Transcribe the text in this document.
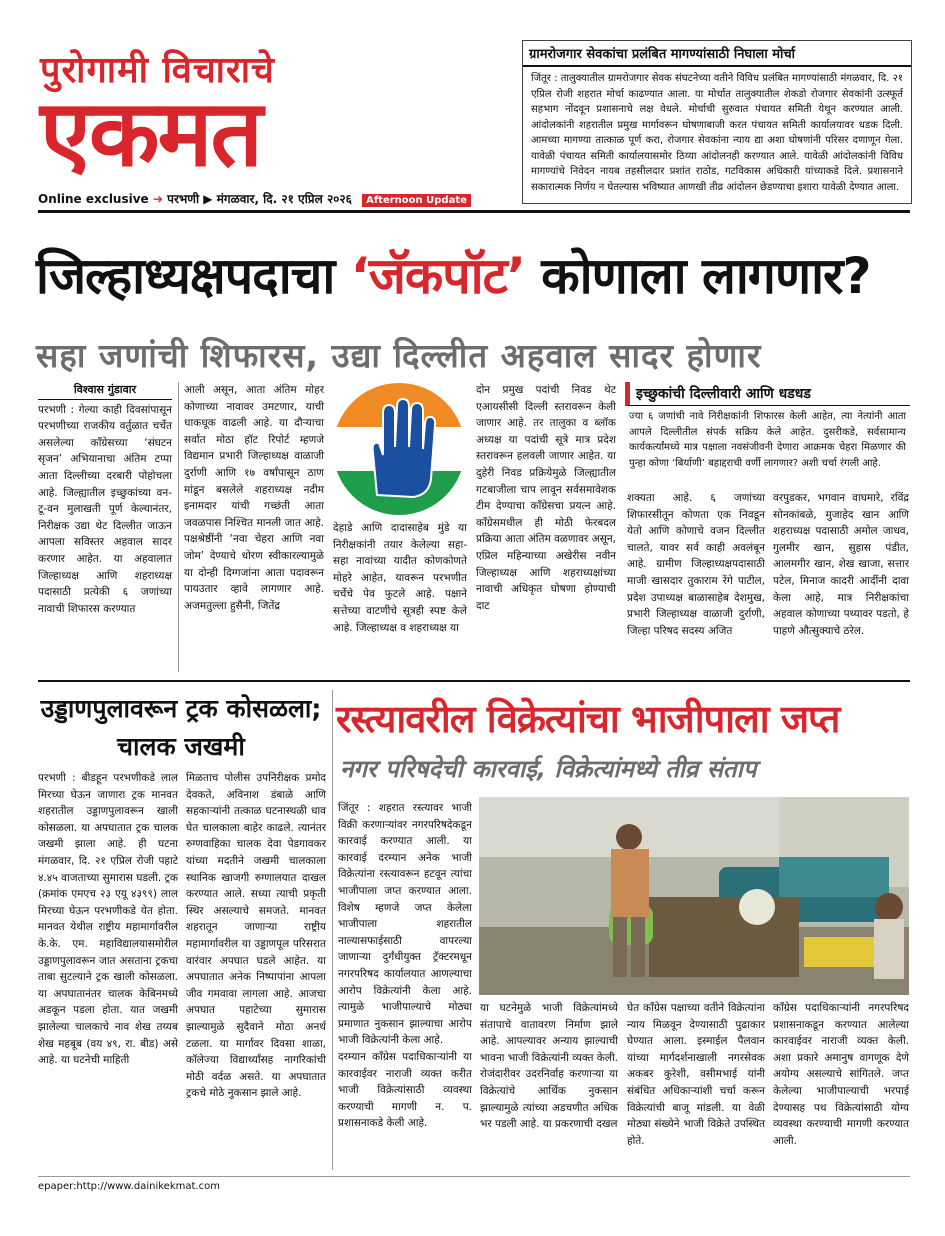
पुरोगामी विचाराचे
एकमत
Online exclusive ➔ परभणी ▶ मंगळवार, दि. २१ एप्रिल २०२६ Afternoon Update
ग्रामरोजगार सेवकांचा प्रलंबित मागण्यांसाठी निघाला मोर्चा

जिंतूर : तालुक्यातील ग्रामरोजगार सेवक संघटनेच्या वतीने विविध प्रलंबित मागण्यांसाठी मंगळवार, दि. २१ एप्रिल रोजी शहरात मोर्चा काढण्यात आला. या मोर्चात तालुक्यातील शेकडो रोजगार सेवकांनी उत्स्फूर्त सहभाग नोंदवून प्रशासनाचे लक्ष वेधले. मोर्चाची सुरुवात पंचायत समिती येथून करण्यात आली. आंदोलकांनी शहरातील प्रमुख मार्गावरून घोषणाबाजी करत पंचायत समिती कार्यालयावर धडक दिली. आमच्या मागण्या तात्काळ पूर्ण करा, रोजगार सेवकांना न्याय द्या अशा घोषणांनी परिसर दणाणून गेला. यावेळी पंचायत समिती कार्यालयासमोर ठिय्या आंदोलनही करण्यात आले. यावेळी आंदोलकांनी विविध मागण्यांचे निवेदन नायब तहसीलदार प्रशांत राठोड, गटविकास अधिकारी यांच्याकडे दिले. प्रशासनाने सकारात्मक निर्णय न घेतल्यास भविष्यात आणखी तीव्र आंदोलन छेडण्याचा इशारा यावेळी देण्यात आला.

जिल्हाध्यक्षपदाचा ‘जॅकपॉट’ कोणाला लागणार?
सहा जणांची शिफारस, उद्या दिल्लीत अहवाल सादर होणार
विश्वास गुंडावार

परभणी : गेल्या काही दिवसांपासून परभणीच्या राजकीय वर्तुळात चर्चेत असलेल्या काँग्रेसच्या ‘संघटन सृजन’ अभियानाचा अंतिम टप्पा आता दिल्लीच्या दरबारी पोहोचला आहे. जिल्ह्यातील इच्छुकांच्या वन-टू-वन मुलाखती पूर्ण केल्यानंतर, निरीक्षक उद्या थेट दिल्लीत जाऊन आपला सविस्तर अहवाल सादर करणार आहेत. या अहवालात जिल्हाध्यक्ष आणि शहराध्यक्ष पदासाठी प्रत्येकी ६ जणांच्या नावाची शिफारस करण्यात

आली असून, आता अंतिम मोहर कोणाच्या नावावर उमटणार, याची धाकधूक वाढली आहे. या दौऱ्याचा सर्वात मोठा हॉट रिपोर्ट म्हणजे विद्यमान प्रभारी जिल्हाध्यक्ष वाळाजी दुर्राणी आणि १७ वर्षांपासून ठाण मांडून बसलेले शहराध्यक्ष नदीम इनामदार यांची गच्छंती आता जवळपास निश्चित मानली जात आहे. पक्षश्रेष्ठींनी ‘नवा चेहरा आणि नवा जोम’ देण्याचे धोरण स्वीकारल्यामुळे या दोन्ही दिग्गजांना आता पदावरून पायउतार व्हावे लागणार आहे. अजमतुल्ला हुसैनी, जितेंद्र

देहाडे आणि दादासाहेब मुंडे या निरीक्षकांनी तयार केलेल्या सहा-सहा नावांच्या यादीत कोणकोणते मोहरे आहेत, यावरून परभणीत चर्चेचे पेव फुटले आहे. पक्षाने सत्तेच्या वाटणीचे सूत्रही स्पष्ट केले आहे. जिल्हाध्यक्ष व शहराध्यक्ष या

दोन प्रमुख पदांची निवड थेट एआयसीसी दिल्ली स्तरावरून केली जाणार आहे. तर तालुका व ब्लॉक अध्यक्ष या पदांची सूत्रे मात्र प्रदेश स्तरावरून हलवली जाणार आहेत. या दुहेरी निवड प्रक्रियेमुळे जिल्ह्यातील गटबाजीला चाप लावून सर्वसमावेशक टीम देण्याचा काँग्रेसचा प्रयत्न आहे. काँग्रेसमधील ही मोठी फेरबदल प्रक्रिया आता अंतिम वळणावर असून, एप्रिल महिन्याच्या अखेरीस नवीन जिल्हाध्यक्ष आणि शहराध्यक्षांच्या नावाची अधिकृत घोषणा होण्याची दाट

इच्छुकांची दिल्लीवारी आणि धडधड

ज्या ६ जणांची नावे निरीक्षकांनी शिफारस केली आहेत, त्या नेत्यांनी आता आपले दिल्लीतील संपर्क सक्रिय केले आहेत. दुसरीकडे, सर्वसामान्य कार्यकर्त्यांमध्ये मात्र पक्षाला नवसंजीवनी देणारा आक्रमक चेहरा मिळणार की पुन्हा कोणा ‘बिर्याणी’ बहाद्दराची वर्णी लागणार? अशी चर्चा रंगली आहे.

शक्यता आहे. ६ जणांच्या शिफारसीतून कोणता एक निवडून येतो आणि कोणाचे वजन दिल्लीत चालते, यावर सर्व काही अवलंबून आहे. ग्रामीण जिल्हाध्यक्षपदासाठी माजी खासदार तुकाराम रेंगे पाटील, प्रदेश उपाध्यक्ष बाळासाहेब देशमुख, प्रभारी जिल्हाध्यक्ष वाळाजी दुर्राणी, जिल्हा परिषद सदस्य अजित

वरपुडकर, भगवान वाघमारे, रविंद्र सोनकांबळे, मुजाहेद खान आणि शहराध्यक्ष पदासाठी अमोल जाधव, गुलमीर खान, सुहास पंडीत, आलमगीर खान, शेख खाजा, सत्तार पटेल, मिनाज कादरी आदींनी दावा केला आहे, मात्र निरीक्षकांचा अहवाल कोणाच्या पथ्यावर पडतो, हे पाहणे औत्सुक्याचे ठरेल.

उड्डाणपुलावरून ट्रक कोसळला; चालक जखमी

परभणी : बीडहून परभणीकडे लाल मिरच्या घेऊन जाणारा ट्रक मानवत शहरातील उड्डाणपुलावरून खाली कोसळला. या अपघातात ट्रक चालक जखमी झाला आहे. ही घटना मंगळवार, दि. २१ एप्रिल रोजी पहाटे ४.४५ वाजताच्या सुमारास घडली. ट्रक (क्रमांक एमएच २३ एयू ४३९९) लाल मिरच्या घेऊन परभणीकडे येत होता. मानवत येथील राष्ट्रीय महामार्गावरील के.के. एम. महाविद्यालयासमोरील उड्डाणपुलावरून जात असताना ट्रकचा ताबा सुटल्याने ट्रक खाली कोसळला. या अपघातानंतर चालक केबिनमध्ये अडकून पडला होता. यात जखमी झालेल्या चालकाचे नाव शेख तय्यब शेख महबूब (वय ४९, रा. बीड) असे आहे. या घटनेची माहिती

मिळताच पोलीस उपनिरीक्षक प्रमोद देवकते, अविनाश डंबाळे आणि सहकाऱ्यांनी तत्काळ घटनास्थळी धाव घेत चालकाला बाहेर काढले. त्यानंतर रुग्णवाहिका चालक देवा पेडगावकर यांच्या मदतीने जखमी चालकाला स्थानिक खाजगी रुग्णालयात दाखल करण्यात आले. सध्या त्याची प्रकृती स्थिर असल्याचे समजते. मानवत शहरातून जाणाऱ्या राष्ट्रीय महामार्गावरील या उड्डाणपूल परिसरात वारंवार अपघात घडले आहेत. या अपघातात अनेक निष्पापांना आपला जीव गमवावा लागला आहे. आजचा अपघात पहाटेच्या सुमारास झाल्यामुळे सुदैवाने मोठा अनर्थ टळला. या मार्गावर दिवसा शाळा, कॉलेज्या विद्यार्थ्यांसह नागरिकांची मोठी वर्दळ असते. या अपघातात ट्रकचे मोठे नुकसान झाले आहे.

रस्त्यावरील विक्रेत्यांचा भाजीपाला जप्त
नगर परिषदेची कारवाई, विक्रेत्यांमध्ये तीव्र संताप

जिंतूर : शहरात रस्त्यावर भाजी विक्री करणाऱ्यांवर नगरपरिषदेकडून कारवाई करण्यात आली. या कारवाई दरम्यान अनेक भाजी विक्रेत्यांना रस्त्यावरून हटवून त्यांचा भाजीपाला जप्त करण्यात आला. विशेष म्हणजे जप्त केलेला भाजीपाला शहरातील नाल्यासफाईसाठी वापरल्या जाणाऱ्या दुर्गंधीयुक्त ट्रॅक्टरमधून नगरपरिषद कार्यालयात आणल्याचा आरोप विक्रेत्यांनी केला आहे. त्यामुळे भाजीपाल्याचे मोठ्या प्रमाणात नुकसान झाल्याचा आरोप भाजी विक्रेत्यांनी केला आहे.

दरम्यान काँग्रेस पदाधिकाऱ्यांनी या कारवाईवर नाराजी व्यक्त करीत भाजी विक्रेत्यांसाठी व्यवस्था करण्याची मागणी न. प. प्रशासनाकडे केली आहे.

या घटनेमुळे भाजी विक्रेत्यांमध्ये संतापाचे वातावरण निर्माण झाले आहे. आपल्यावर अन्याय झाल्याची भावना भाजी विक्रेत्यांनी व्यक्त केली. रोजंदारीवर उदरनिर्वाह करणाऱ्या या विक्रेत्यांचे आर्थिक नुकसान झाल्यामुळे त्यांच्या अडचणीत अधिक भर पडली आहे. या प्रकरणाची दखल

घेत काँग्रेस पक्षाच्या वतीने विक्रेत्यांना न्याय मिळवून देण्यासाठी पुढाकार घेण्यात आला. इस्माईल पैलवान यांच्या मार्गदर्शनाखाली नगरसेवक अकबर कुरेशी, वसीमभाई यांनी संबंधित अधिकाऱ्यांशी चर्चा करून विक्रेत्यांची बाजू मांडली. या वेळी मोठ्या संख्येने भाजी विक्रेते उपस्थित होते.

काँग्रेस पदाधिकाऱ्यांनी नगरपरिषद प्रशासनाकडून करण्यात आलेल्या कारवाईवर नाराजी व्यक्त केली. अशा प्रकारे अमानुष वागणूक देणे अयोग्य असल्याचे सांगितले. जप्त केलेल्या भाजीपाल्याची भरपाई देण्यासह पथ विक्रेत्यांसाठी योग्य व्यवस्था करण्याची मागणी करण्यात आली.

epaper:http://www.dainikekmat.com
